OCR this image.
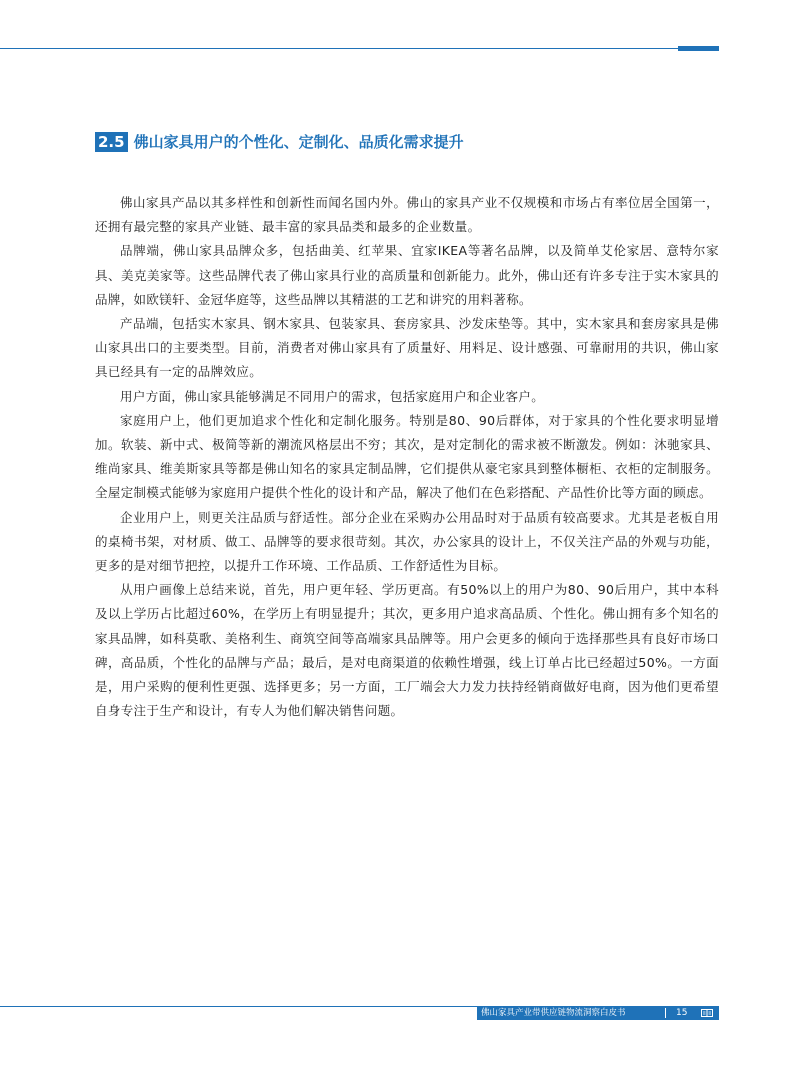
2.5 佛山家具用户的个性化、定制化、品质化需求提升

佛山家具产品以其多样性和创新性而闻名国内外。佛山的家具产业不仅规模和市场占有率位居全国第一，还拥有最完整的家具产业链、最丰富的家具品类和最多的企业数量。

品牌端，佛山家具品牌众多，包括曲美、红苹果、宜家IKEA等著名品牌，以及简单艾伦家居、意特尔家具、美克美家等。这些品牌代表了佛山家具行业的高质量和创新能力。此外，佛山还有许多专注于实木家具的品牌，如欧镁轩、金冠华庭等，这些品牌以其精湛的工艺和讲究的用料著称。

产品端，包括实木家具、钢木家具、包装家具、套房家具、沙发床垫等。其中，实木家具和套房家具是佛山家具出口的主要类型。目前，消费者对佛山家具有了质量好、用料足、设计感强、可靠耐用的共识，佛山家具已经具有一定的品牌效应。

用户方面，佛山家具能够满足不同用户的需求，包括家庭用户和企业客户。

家庭用户上，他们更加追求个性化和定制化服务。特别是80、90后群体，对于家具的个性化要求明显增加。软装、新中式、极简等新的潮流风格层出不穷；其次，是对定制化的需求被不断激发。例如：沐驰家具、维尚家具、维美斯家具等都是佛山知名的家具定制品牌，它们提供从豪宅家具到整体橱柜、衣柜的定制服务。全屋定制模式能够为家庭用户提供个性化的设计和产品，解决了他们在色彩搭配、产品性价比等方面的顾虑。

企业用户上，则更关注品质与舒适性。部分企业在采购办公用品时对于品质有较高要求。尤其是老板自用的桌椅书架，对材质、做工、品牌等的要求很苛刻。其次，办公家具的设计上，不仅关注产品的外观与功能，更多的是对细节把控，以提升工作环境、工作品质、工作舒适性为目标。

从用户画像上总结来说，首先，用户更年轻、学历更高。有50%以上的用户为80、90后用户，其中本科及以上学历占比超过60%，在学历上有明显提升；其次，更多用户追求高品质、个性化。佛山拥有多个知名的家具品牌，如科莫歌、美格利生、商筑空间等高端家具品牌等。用户会更多的倾向于选择那些具有良好市场口碑，高品质，个性化的品牌与产品；最后，是对电商渠道的依赖性增强，线上订单占比已经超过50%。一方面是，用户采购的便利性更强、选择更多；另一方面，工厂端会大力发力扶持经销商做好电商，因为他们更希望自身专注于生产和设计，有专人为他们解决销售问题。

佛山家具产业带供应链物流洞察白皮书	15
